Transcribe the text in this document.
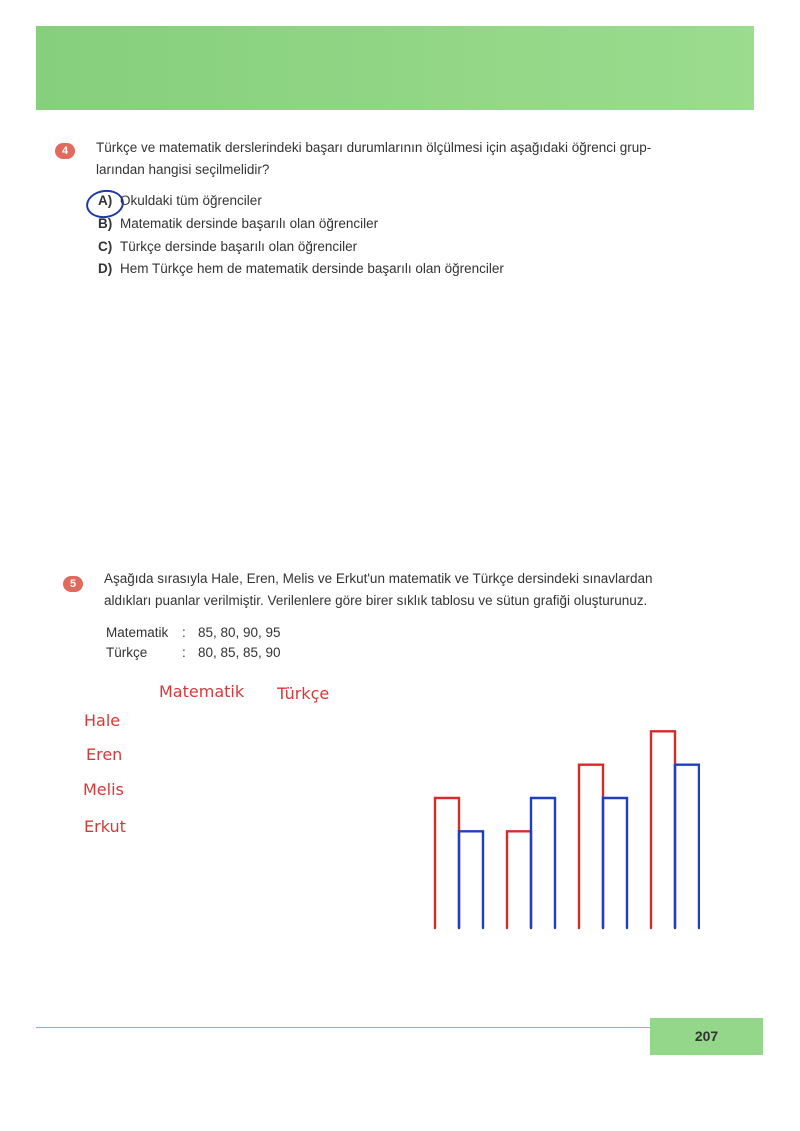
4	Türkçe ve matematik derslerindeki başarı durumlarının ölçülmesi için aşağıdaki öğrenci grup-
larından hangisi seçilmelidir?
A) Okuldaki tüm öğrenciler
B) Matematik dersinde başarılı olan öğrenciler
C) Türkçe dersinde başarılı olan öğrenciler
D) Hem Türkçe hem de matematik dersinde başarılı olan öğrenciler
5	Aşağıda sırasıyla Hale, Eren, Melis ve Erkut'un matematik ve Türkçe dersindeki sınavlardan
aldıkları puanlar verilmiştir. Verilenlere göre birer sıklık tablosu ve sütun grafiği oluşturunuz.
Matematik : 85, 80, 90, 95
Türkçe	: 80, 85, 85, 90
Matematik Türkçe
Hale
Eren
Melis
Erkut
207
